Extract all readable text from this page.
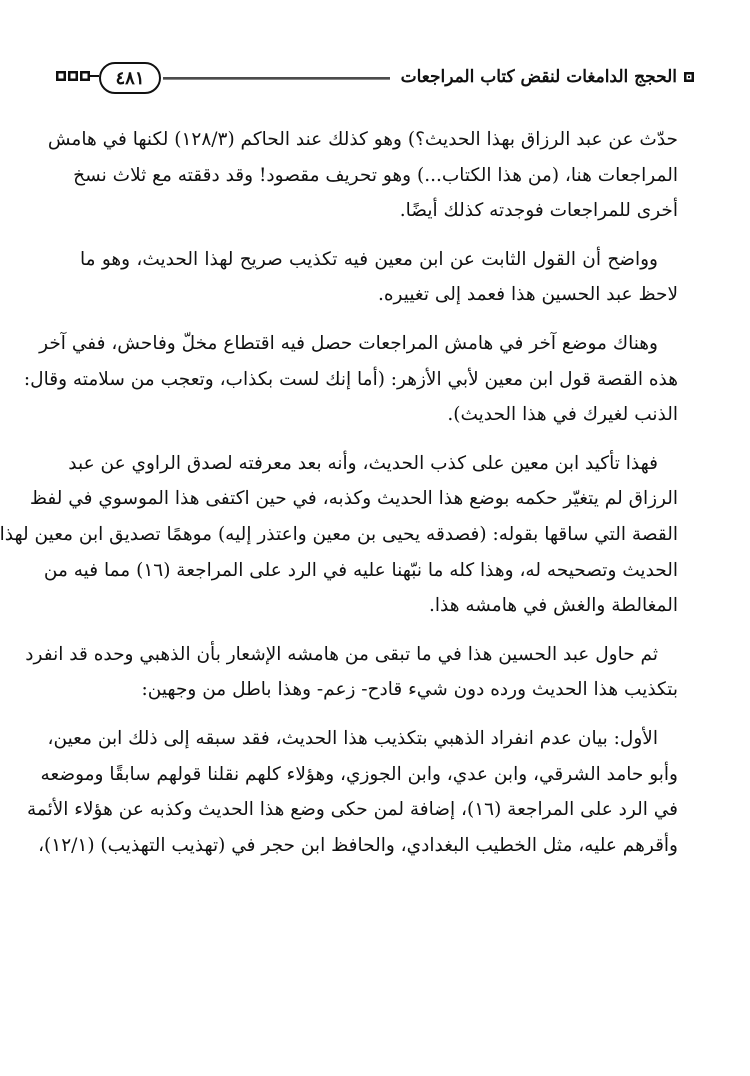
الحجج الدامغات لنقض كتاب المراجعات
٤٨١

حدّث عن عبد الرزاق بهذا الحديث؟) وهو كذلك عند الحاكم (١٢٨/٣) لكنها في هامش
المراجعات هنا، (من هذا الكتاب...) وهو تحريف مقصود! وقد دققته مع ثلاث نسخ
أخرى للمراجعات فوجدته كذلك أيضًا.

وواضح أن القول الثابت عن ابن معين فيه تكذيب صريح لهذا الحديث، وهو ما
لاحظ عبد الحسين هذا فعمد إلى تغييره.

وهناك موضع آخر في هامش المراجعات حصل فيه اقتطاع مخلّ وفاحش، ففي آخر
هذه القصة قول ابن معين لأبي الأزهر: (أما إنك لست بكذاب، وتعجب من سلامته وقال:
الذنب لغيرك في هذا الحديث).

فهذا تأكيد ابن معين على كذب الحديث، وأنه بعد معرفته لصدق الراوي عن عبد
الرزاق لم يتغيّر حكمه بوضع هذا الحديث وكذبه، في حين اكتفى هذا الموسوي في لفظ
القصة التي ساقها بقوله: (فصدقه يحيى بن معين واعتذر إليه) موهمًا تصديق ابن معين لهذا
الحديث وتصحيحه له، وهذا كله ما نبّهنا عليه في الرد على المراجعة (١٦) مما فيه من
المغالطة والغش في هامشه هذا.

ثم حاول عبد الحسين هذا في ما تبقى من هامشه الإشعار بأن الذهبي وحده قد انفرد
بتكذيب هذا الحديث ورده دون شيء قادح- زعم- وهذا باطل من وجهين:

الأول: بيان عدم انفراد الذهبي بتكذيب هذا الحديث، فقد سبقه إلى ذلك ابن معين،
وأبو حامد الشرقي، وابن عدي، وابن الجوزي، وهؤلاء كلهم نقلنا قولهم سابقًا وموضعه
في الرد على المراجعة (١٦)، إضافة لمن حكى وضع هذا الحديث وكذبه عن هؤلاء الأئمة
وأقرهم عليه، مثل الخطيب البغدادي، والحافظ ابن حجر في (تهذيب التهذيب) (١٢/١)،
